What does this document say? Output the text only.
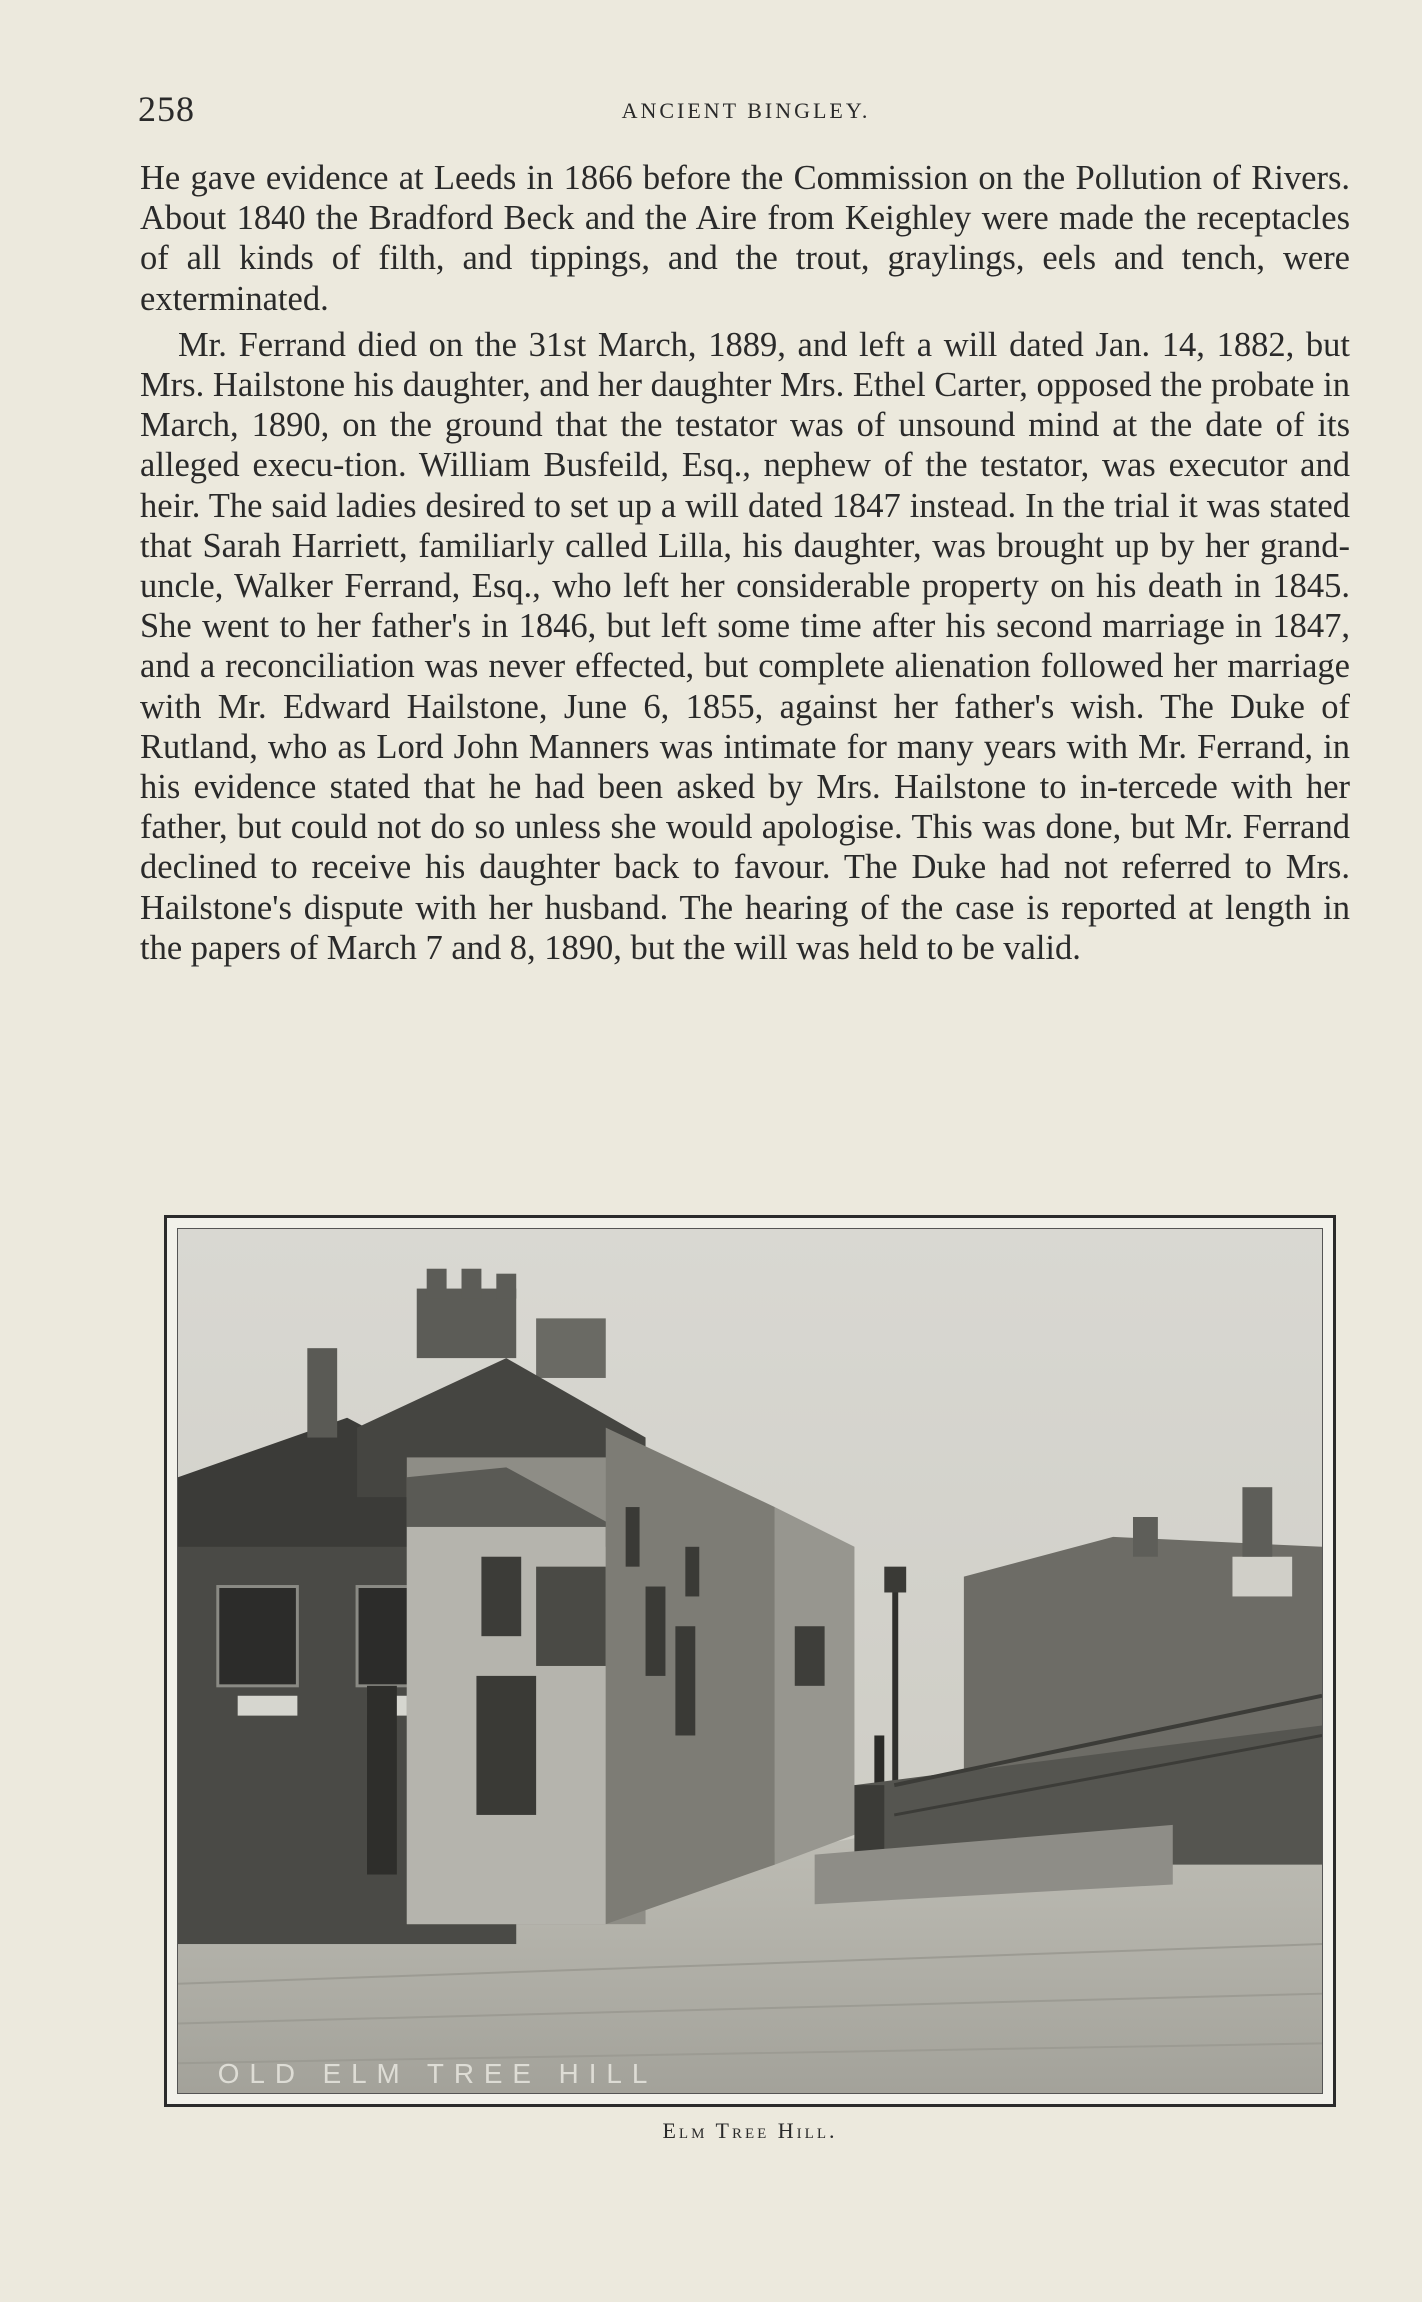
258	ANCIENT BINGLEY.

He gave evidence at Leeds in 1866 before the Commission on the Pollution of Rivers. About 1840 the Bradford Beck and the Aire from Keighley were made the receptacles of all kinds of filth, and tippings, and the trout, graylings, eels and tench, were exterminated.

Mr. Ferrand died on the 31st March, 1889, and left a will dated Jan. 14, 1882, but Mrs. Hailstone his daughter, and her daughter Mrs. Ethel Carter, opposed the probate in March, 1890, on the ground that the testator was of unsound mind at the date of its alleged execu-tion. William Busfeild, Esq., nephew of the testator, was executor and heir. The said ladies desired to set up a will dated 1847 instead. In the trial it was stated that Sarah Harriett, familiarly called Lilla, his daughter, was brought up by her grand-uncle, Walker Ferrand, Esq., who left her considerable property on his death in 1845. She went to her father's in 1846, but left some time after his second marriage in 1847, and a reconciliation was never effected, but complete alienation followed her marriage with Mr. Edward Hailstone, June 6, 1855, against her father's wish. The Duke of Rutland, who as Lord John Manners was intimate for many years with Mr. Ferrand, in his evidence stated that he had been asked by Mrs. Hailstone to in-tercede with her father, but could not do so unless she would apologise. This was done, but Mr. Ferrand declined to receive his daughter back to favour. The Duke had not referred to Mrs. Hailstone's dispute with her husband. The hearing of the case is reported at length in the papers of March 7 and 8, 1890, but the will was held to be valid.

OLD ELM TREE HILL
Elm Tree Hill.
